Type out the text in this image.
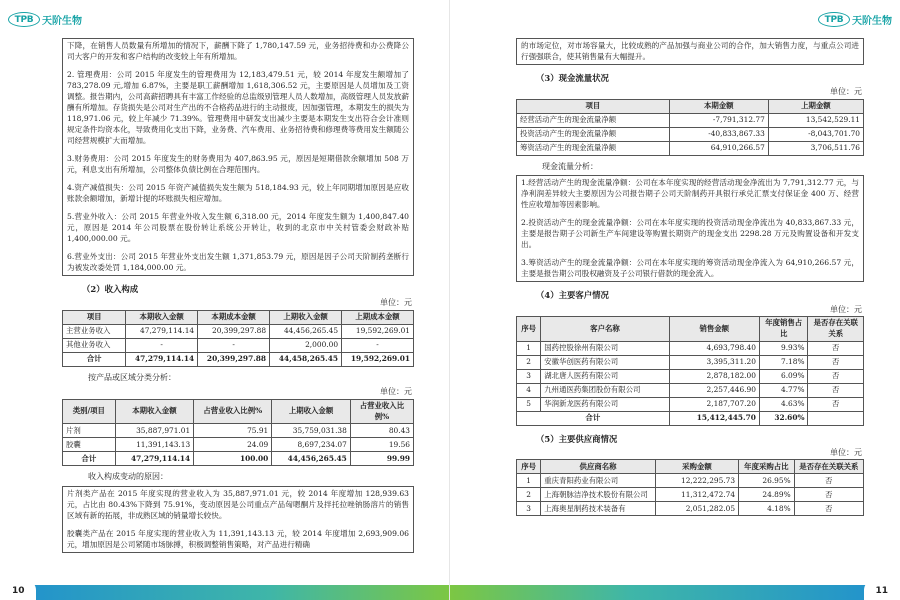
TPB 天阶生物

下降，在销售人员数量有所增加的情况下，薪酬下降了 1,780,147.59 元，业务招待费和办公费降公司大客户的开发和客户结构的改变较上年有所增加。

2. 管理费用：公司 2015 年度发生的管理费用为 12,183,479.51 元，较 2014 年度发生额增加了 783,278.09 元,增加 6.87%，主要是职工薪酬增加 1,618,306.52 元，主要原因是人员增加及工资调整。报告期内，公司高薪招聘具有丰富工作经验的总监级别管理人员人数增加，高级管理人员发放薪酬有所增加。存货损失是公司对生产出的不合格药品进行的主动报废，因加强管理，本期发生的损失为 118,971.06 元，较上年减少 71.39%。管理费用中研发支出减少主要是本期发生支出符合会计准则规定条件均资本化，导致费用化支出下降，业务费、汽车费用、业务招待费和修理费等费用发生额随公司经营规模扩大而增加。

3.财务费用：公司 2015 年度发生的财务费用为 407,863.95 元，原因是短期借款余额增加 508 万元，利息支出有所增加，公司整体负债比例在合理范围内。

4.资产减值损失：公司 2015 年资产减值损失发生额为 518,184.93 元，较上年同期增加原因是应收账款余额增加，新增计提的坏账损失相应增加。

5.营业外收入：公司 2015 年营业外收入发生额 6,318.00 元，2014 年度发生额为 1,400,847.40 元，原因是 2014 年公司股票在股份转让系统公开转让，收到的北京市中关村管委会财政补贴 1,400,000.00 元。

6.营业外支出：公司 2015 年营业外支出发生额 1,371,853.79 元，原因是因子公司天阶制药垄断行为被发改委处罚 1,184,000.00 元。

（2）收入构成
单位：元
项目	本期收入金额	本期成本金额	上期收入金额	上期成本金额
主营业务收入	47,279,114.14	20,399,297.88	44,456,265.45	19,592,269.01
其他业务收入	-	-	2,000.00	-
合计	47,279,114.14	20,399,297.88	44,458,265.45	19,592,269.01
按产品或区域分类分析：
单位：元
类别/项目	本期收入金额	占营业收入比例%	上期收入金额	占营业收入比例%
片剂	35,887,971.01	75.91	35,759,031.38	80.43
胶囊	11,391,143.13	24.09	8,697,234.07	19.56
合计	47,279,114.14	100.00	44,456,265.45	99.99
收入构成变动的原因：

片剂类产品在 2015 年度实现的营业收入为 35,887,971.01 元，较 2014 年度增加 128,939.63 元，占比由 80.43%下降到 75.91%，变动原因是公司重点产品匈嗯酮片及拌托拉唑钠肠溶片的销售区域有新的拓展，非成熟区域的销量增长较快。

胶囊类产品在 2015 年度实现的营业收入为 11,391,143.13 元，较 2014 年度增加 2,693,909.06 元，增加原因是公司紧随市场脉搏，积极调整销售策略，对产品进行精确

10
TPB 天阶生物

的市场定位，对市场容量大，比较成熟的产品加强与商业公司的合作，加大销售力度，与重点公司进行强强联合，使其销售量有大幅提升。

（3）现金流量状况
单位：元
项目	本期金额	上期金额
经营活动产生的现金流量净额	-7,791,312.77	13,542,529.11
投资活动产生的现金流量净额	-40,833,867.33	-8,043,701.70
筹资活动产生的现金流量净额	64,910,266.57	3,706,511.76
现金流量分析：

1.经营活动产生的现金流量净额：公司在本年度实现的经营活动现金净流出为 7,791,312.77 元，与净利润差异较大主要原因为公司报告期子公司天阶制药开具银行承兑汇票支付保证金 400 万、经营性应收增加等因素影响。

2.投资活动产生的现金流量净额：公司在本年度实现的投资活动现金净流出为 40,833,867.33 元，主要是报告期子公司新生产车间建设等购置长期资产的现金支出 2298.28 万元及购置设备和开发支出。

3.筹资活动产生的现金流量净额：公司在本年度实现的筹资活动现金净流入为 64,910,266.57 元，主要是报告期公司股权融资及子公司银行借款的现金流入。

（4）主要客户情况
单位：元
序号	客户名称	销售金额	年度销售占比	是否存在关联关系
1	国药控股徐州有限公司	4,693,798.40	9.93%	否
2	安徽华创医药有限公司	3,395,311.20	7.18%	否
3	湖北唐人医药有限公司	2,878,182.00	6.09%	否
4	九州通医药集团股份有限公司	2,257,446.90	4.77%	否
5	华润新龙医药有限公司	2,187,707.20	4.63%	否
合计		15,412,445.70	32.60%	
（5）主要供应商情况
单位：元
序号	供应商名称	采购金额	年度采购占比	是否存在关联关系
1	重庆青阳药业有限公司	12,222,295.73	26.95%	否
2	上海朝脉洁净技术股份有限公司	11,312,472.74	24.89%	否
3	上海奥星制药技术装备有	2,051,282.05	4.18%	否
11
